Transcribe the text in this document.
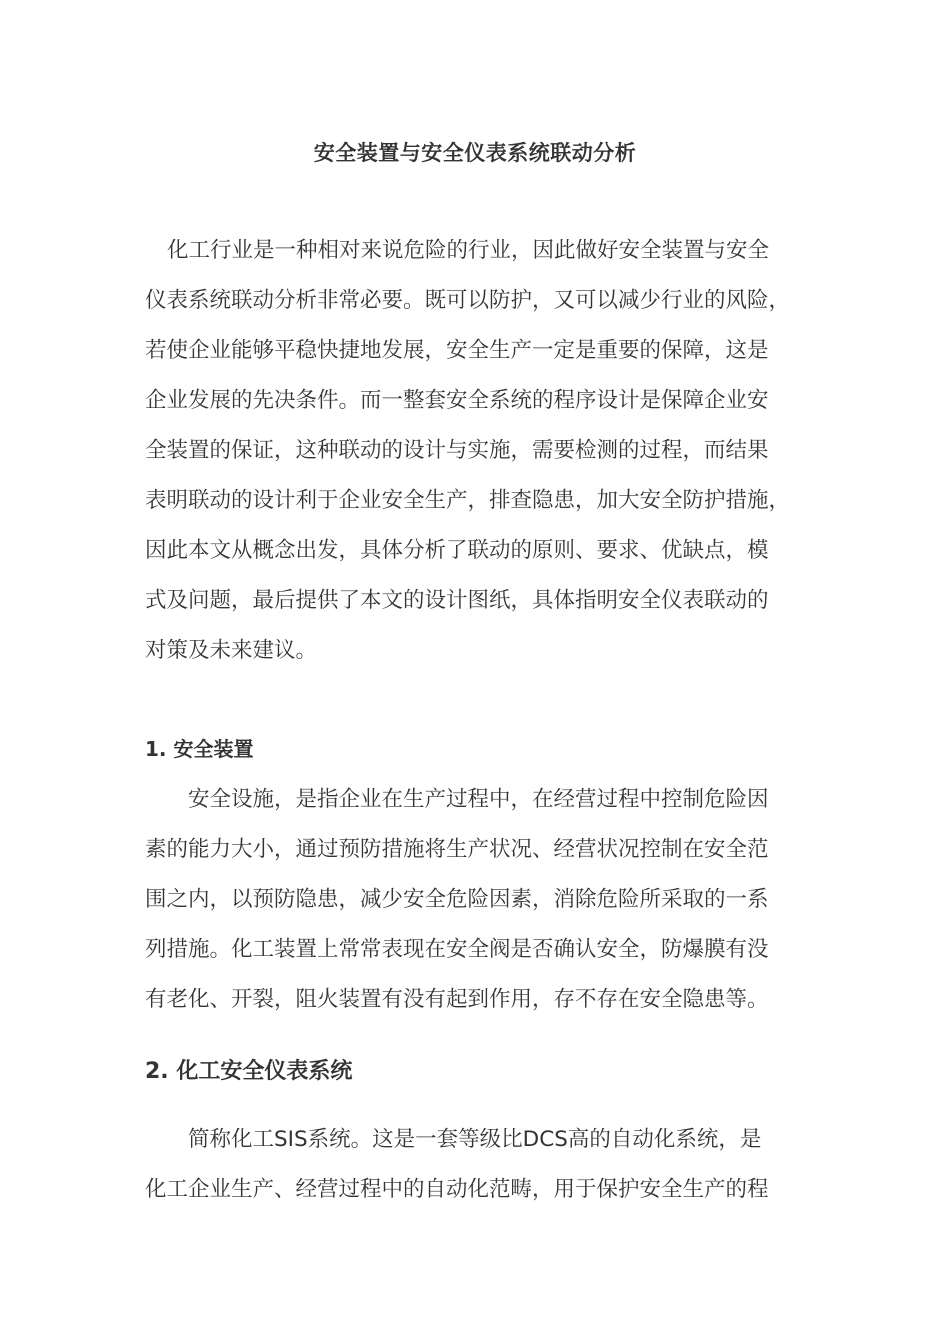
安全装置与安全仪表系统联动分析
化工行业是一种相对来说危险的行业，因此做好安全装置与安全
仪表系统联动分析非常必要。既可以防护，又可以减少行业的风险，
若使企业能够平稳快捷地发展，安全生产一定是重要的保障，这是
企业发展的先决条件。而一整套安全系统的程序设计是保障企业安
全装置的保证，这种联动的设计与实施，需要检测的过程，而结果
表明联动的设计利于企业安全生产，排查隐患，加大安全防护措施，
因此本文从概念出发，具体分析了联动的原则、要求、优缺点，模
式及问题，最后提供了本文的设计图纸，具体指明安全仪表联动的
对策及未来建议。
1. 安全装置
安全设施，是指企业在生产过程中，在经营过程中控制危险因
素的能力大小，通过预防措施将生产状况、经营状况控制在安全范
围之内，以预防隐患，减少安全危险因素，消除危险所采取的一系
列措施。化工装置上常常表现在安全阀是否确认安全，防爆膜有没
有老化、开裂，阻火装置有没有起到作用，存不存在安全隐患等。
2. 化工安全仪表系统
简称化工SIS系统。这是一套等级比DCS高的自动化系统，是
化工企业生产、经营过程中的自动化范畴，用于保护安全生产的程
